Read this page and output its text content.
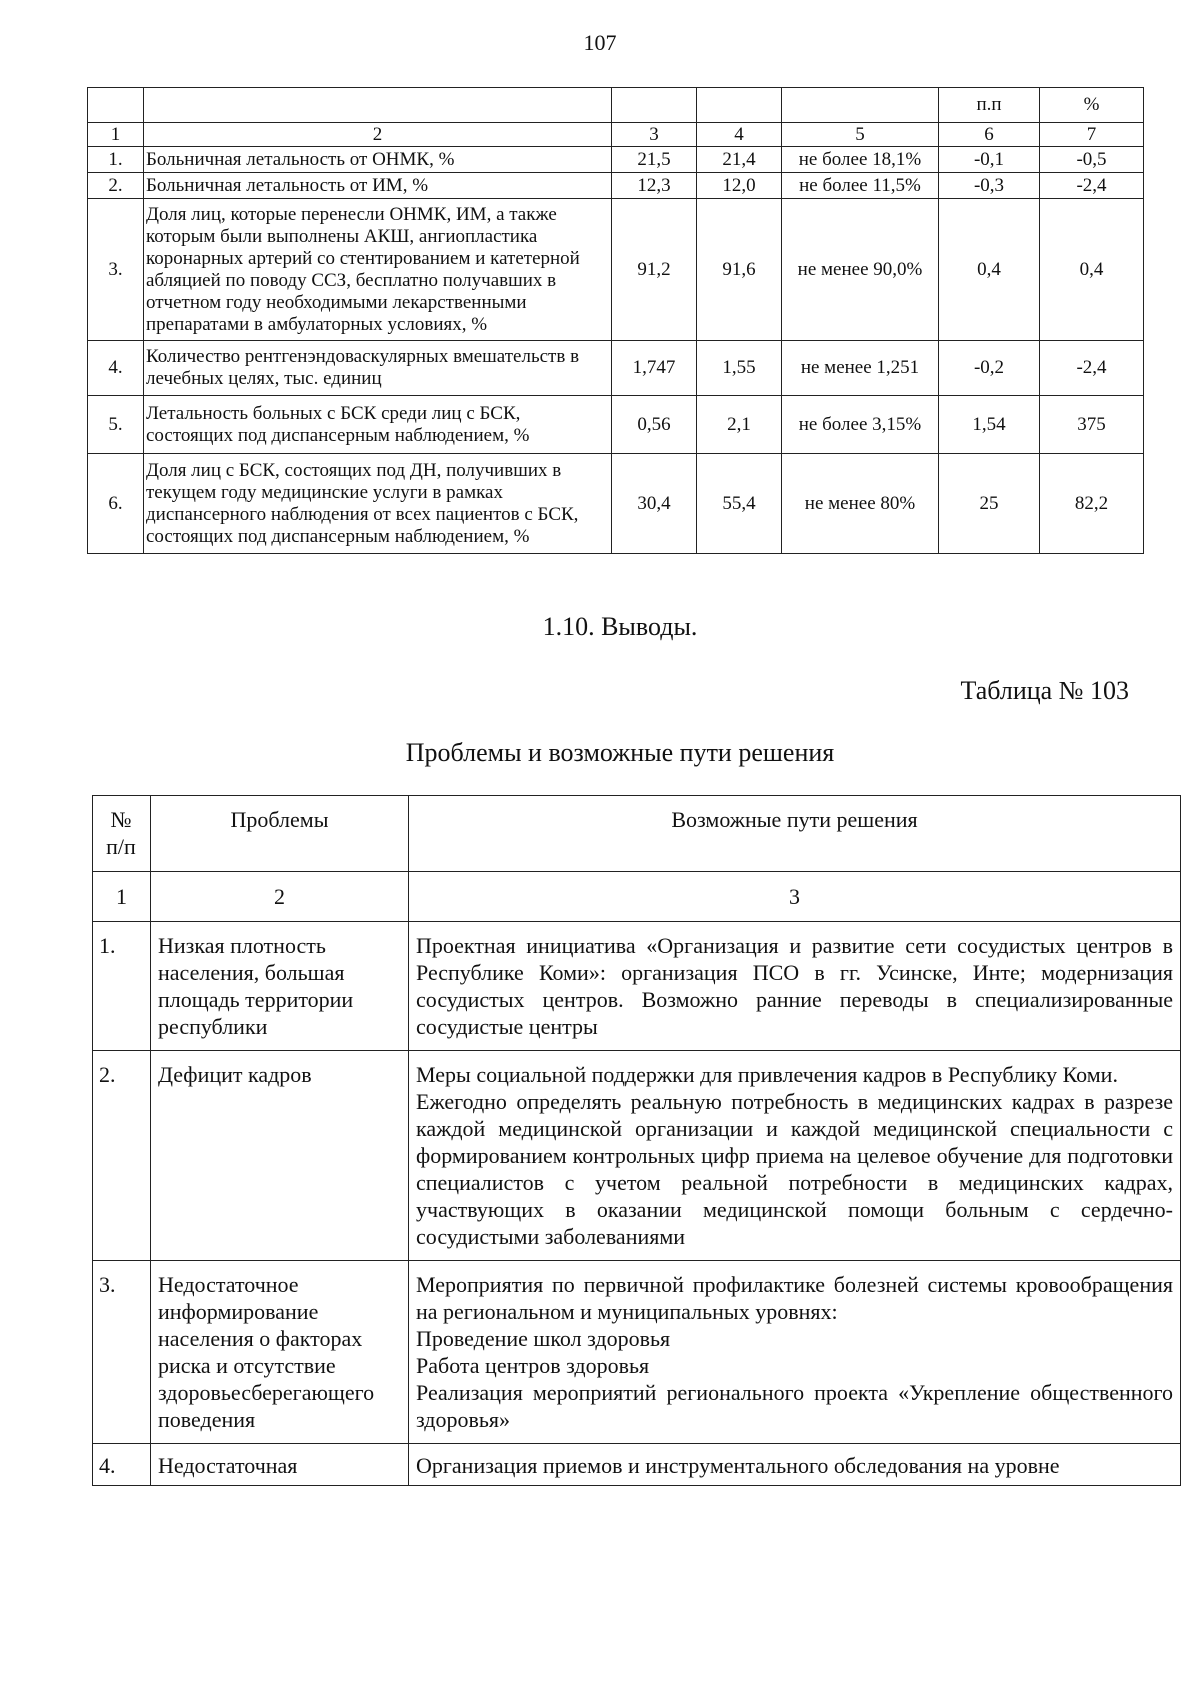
107
					п.п	%
1	2	3	4	5	6	7
1.	Больничная летальность от ОНМК, %	21,5	21,4	не более 18,1%	-0,1	-0,5
2.	Больничная летальность от ИМ, %	12,3	12,0	не более 11,5%	-0,3	-2,4
3.	Доля лиц, которые перенесли ОНМК, ИМ, а также которым были выполнены АКШ, ангиопластика коронарных артерий со стентированием и катетерной абляцией по поводу ССЗ, бесплатно получавших в отчетном году необходимыми лекарственными препаратами в амбулаторных условиях, %	91,2	91,6	не менее 90,0%	0,4	0,4
4.	Количество рентгенэндоваскулярных вмешательств в лечебных целях, тыс. единиц	1,747	1,55	не менее 1,251	-0,2	-2,4
5.	Летальность больных с БСК среди лиц с БСК, состоящих под диспансерным наблюдением, %	0,56	2,1	не более 3,15%	1,54	375
6.	Доля лиц с БСК, состоящих под ДН, получивших в текущем году медицинские услуги в рамках диспансерного наблюдения от всех пациентов с БСК, состоящих под диспансерным наблюдением, %	30,4	55,4	не менее 80%	25	82,2
1.10. Выводы.
Таблица № 103
Проблемы и возможные пути решения
№
п/п	Проблемы	Возможные пути решения
1	2	3
1.	Низкая плотность населения, большая площадь территории республики	Проектная инициатива «Организация и развитие сети сосудистых центров в Республике Коми»: организация ПСО в гг. Усинске, Инте; модернизация сосудистых центров. Возможно ранние переводы в специализированные сосудистые центры

2.	Дефицит кадров	Меры социальной поддержки для привлечения кадров в Республику Коми.

Ежегодно определять реальную потребность в медицинских кадрах в разрезе каждой медицинской организации и каждой медицинской специальности с формированием контрольных цифр приема на целевое обучение для подготовки специалистов с учетом реальной потребности в медицинских кадрах, участвующих в оказании медицинской помощи больным с сердечно-сосудистыми заболеваниями

3.	Недостаточное информирование населения о факторах риска и отсутствие здоровьесберегающего поведения	Мероприятия по первичной профилактике болезней системы кровообращения на региональном и муниципальных уровнях:

Проведение школ здоровья

Работа центров здоровья

Реализация мероприятий регионального проекта «Укрепление общественного здоровья»

4.	Недостаточная	Организация приемов и инструментального обследования на уровне
